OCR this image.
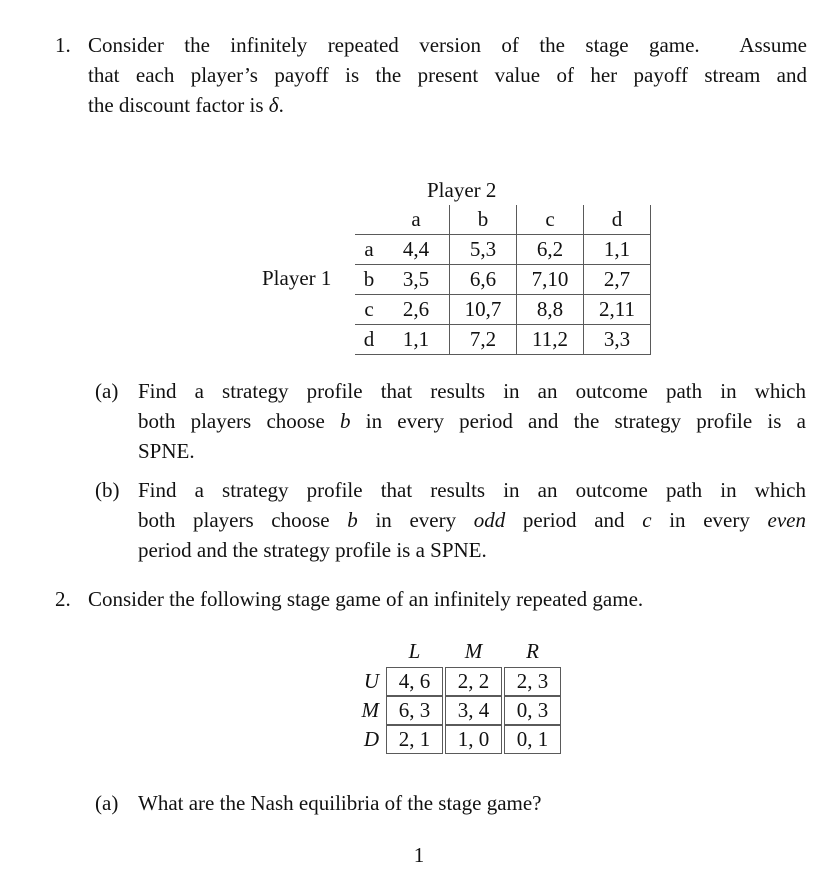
1. Consider the infinitely repeated version of the stage game.  Assume
that each player’s payoff is the present value of her payoff stream and
the discount factor is δ.
Player 2
Player 1
	a	b	c	d
a	4,4	5,3	6,2	1,1
b	3,5	6,6	7,10	2,7
c	2,6	10,7	8,8	2,11
d	1,1	7,2	11,2	3,3
(a) Find a strategy profile that results in an outcome path in which
both players choose b in every period and the strategy profile is a
SPNE.
(b) Find a strategy profile that results in an outcome path in which
both players choose b in every odd period and c in every even
period and the strategy profile is a SPNE.
2. Consider the following stage game of an infinitely repeated game.
	L	M	R
U	4, 6	2, 2	2, 3
M	6, 3	3, 4	0, 3
D	2, 1	1, 0	0, 1
(a) What are the Nash equilibria of the stage game?
1
